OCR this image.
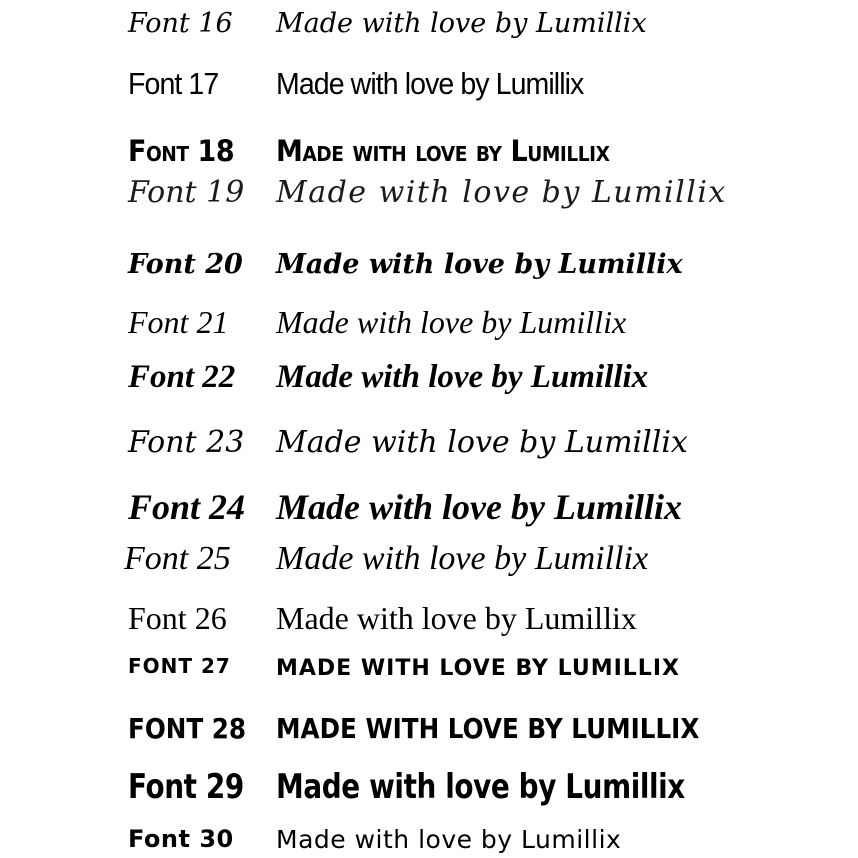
Font 16 Made with love by Lumillix
Font 17 Made with love by Lumillix
Font 18 Made with love by Lumillix
Font 19 Made with love by Lumillix
Font 20 Made with love by Lumillix
Font 21 Made with love by Lumillix
Font 22 Made with love by Lumillix
Font 23 Made with love by Lumillix
Font 24 Made with love by Lumillix
Font 25 Made with love by Lumillix
Font 26 Made with love by Lumillix
FONT 27 MADE WITH LOVE BY LUMILLIX
FONT 28 MADE WITH LOVE BY LUMILLIX
Font 29 Made with love by Lumillix
Font 30 Made with love by Lumillix
